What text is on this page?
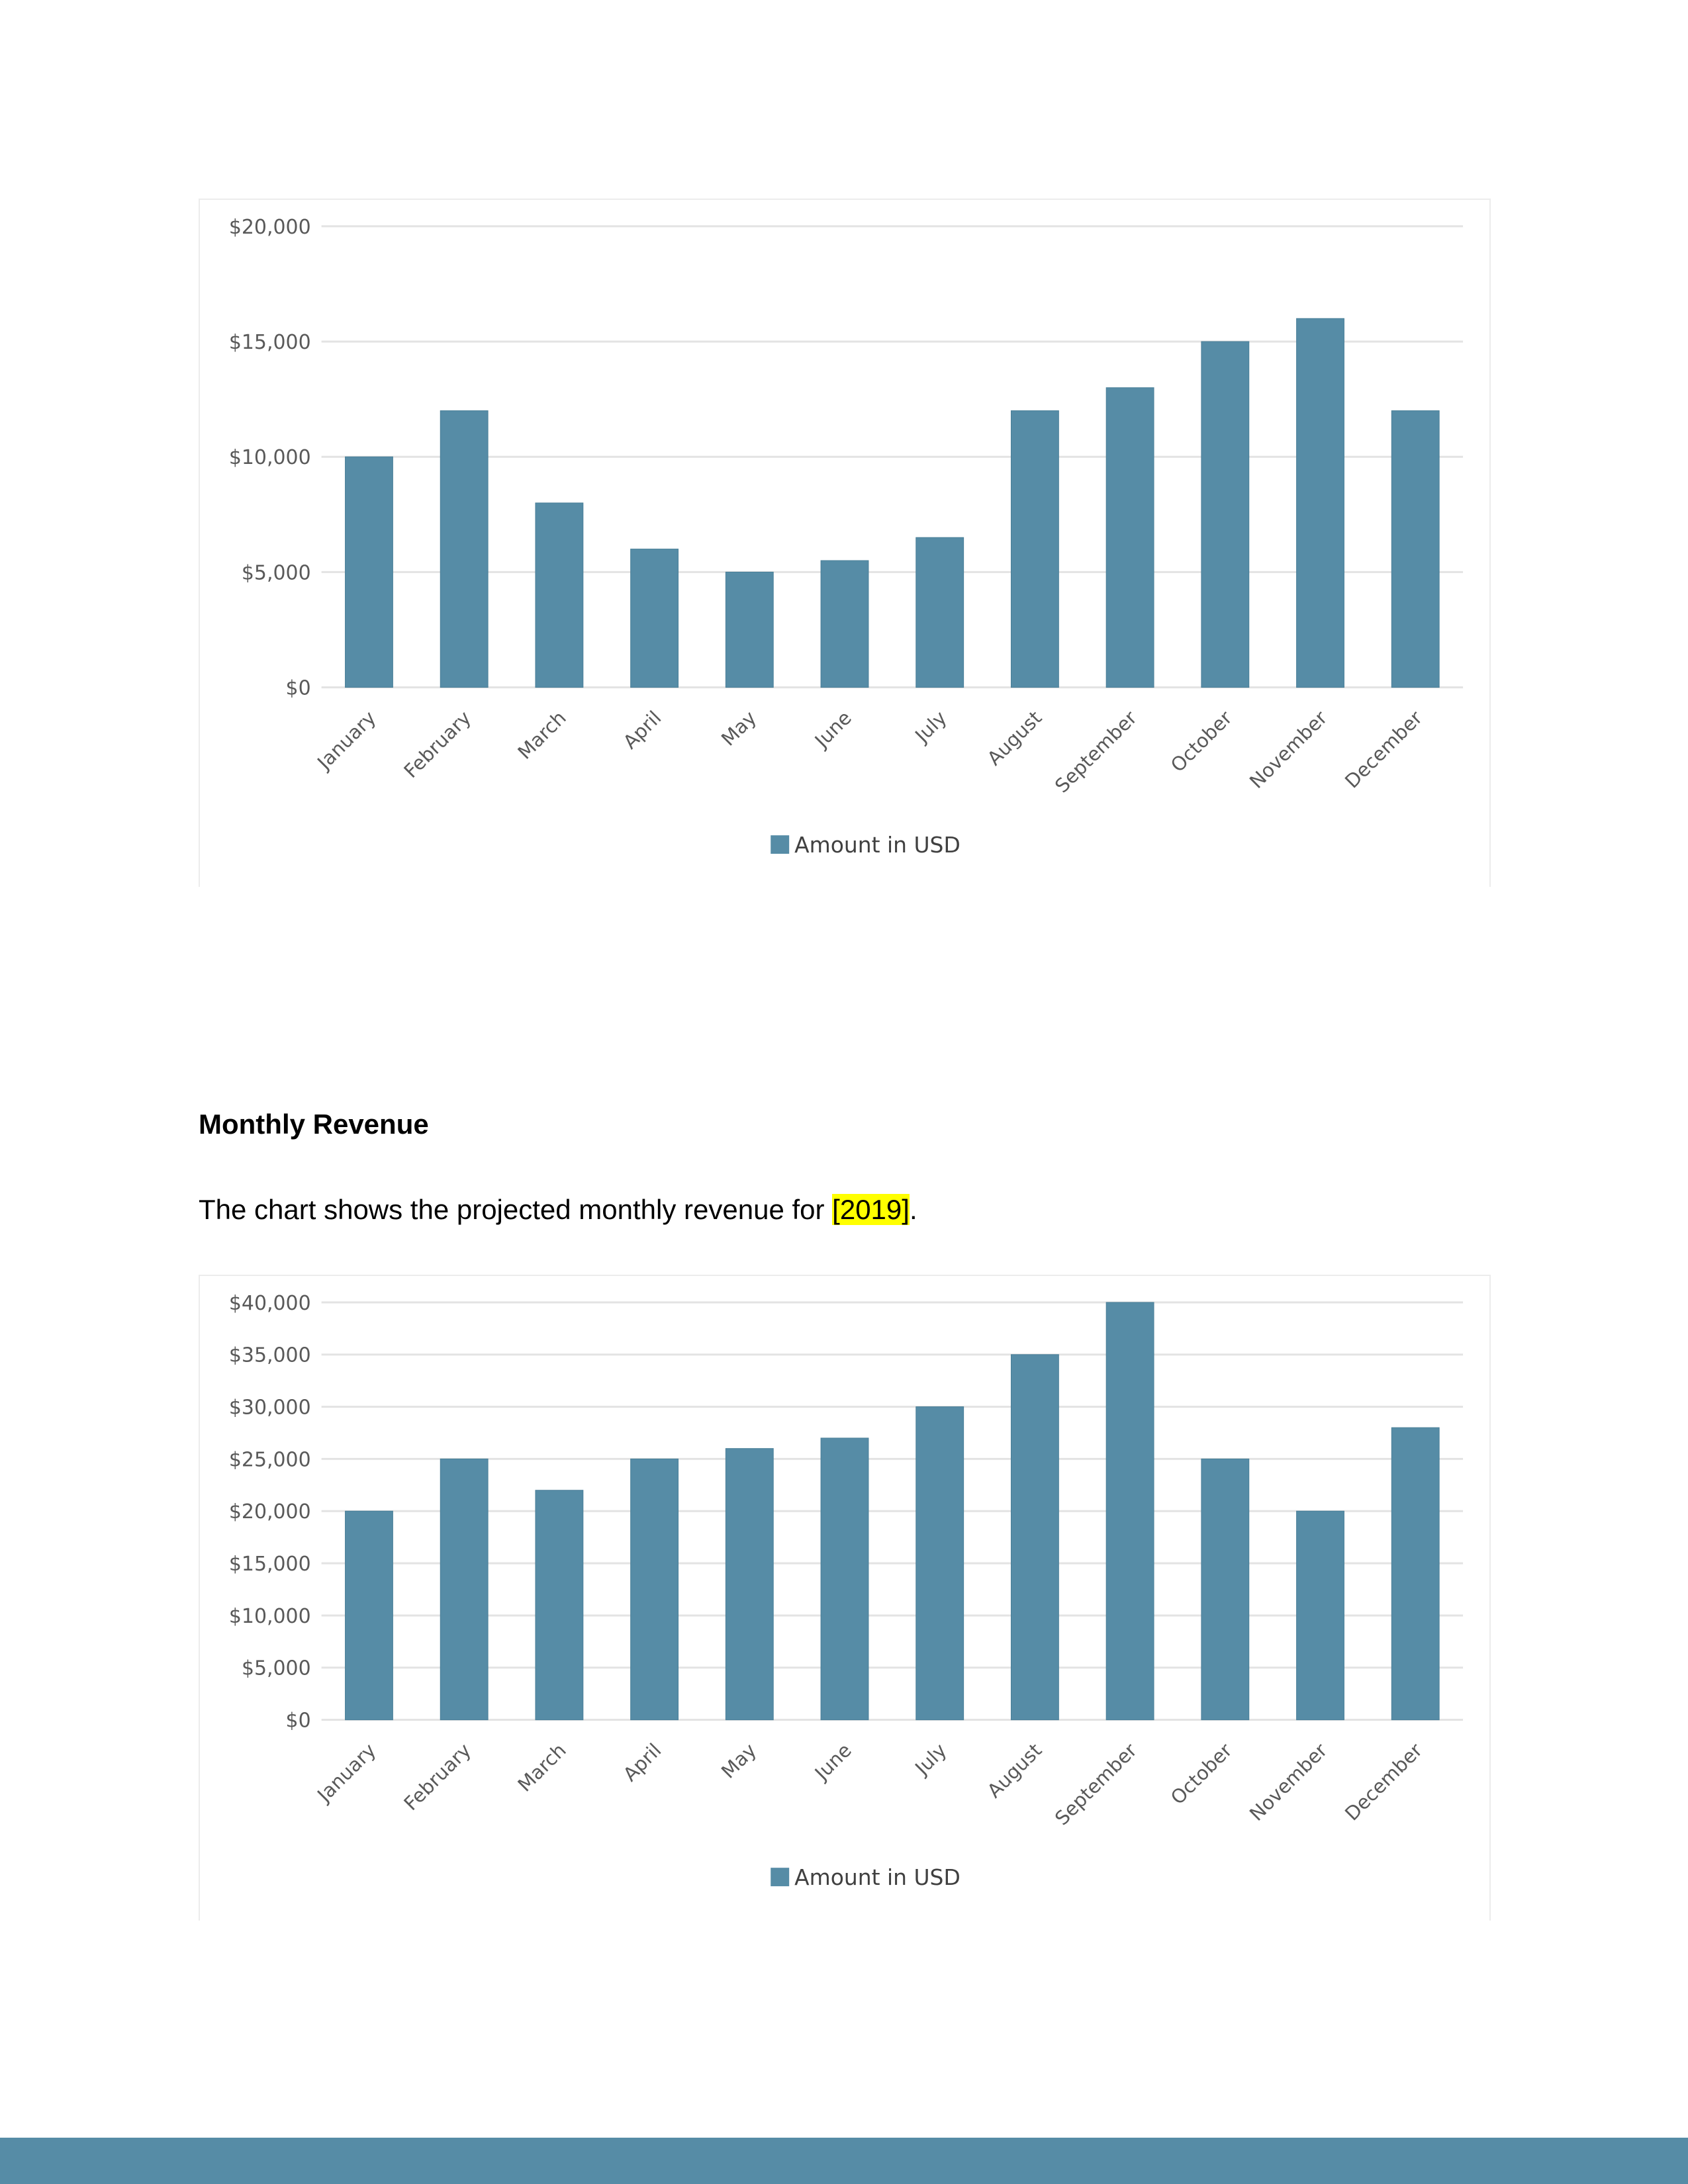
$0
$5,000
$10,000
$15,000
$20,000
January February March	April	May	June	July August September October November December
Amount in USD
Monthly Revenue

The chart shows the projected monthly revenue for [2019].

$0
$5,000
$10,000
$15,000
$20,000
$25,000
$30,000
$35,000
$40,000
January February March	April	May	June	July August September October November December
Amount in USD
